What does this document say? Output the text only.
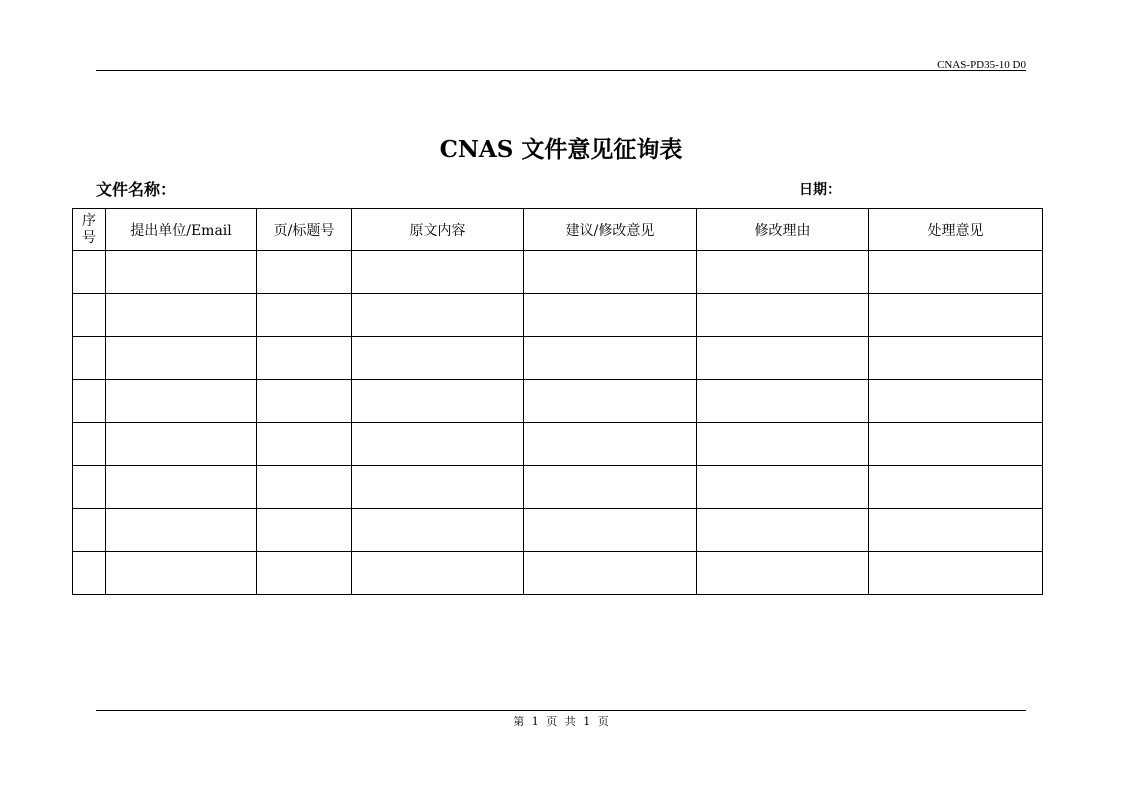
CNAS-PD35-10 D0
CNAS 文件意见征询表
文件名称：	日期：
序
号	提出单位/Email	页/标题号	原文内容	建议/修改意见	修改理由	处理意见

第 1 页 共 1 页
